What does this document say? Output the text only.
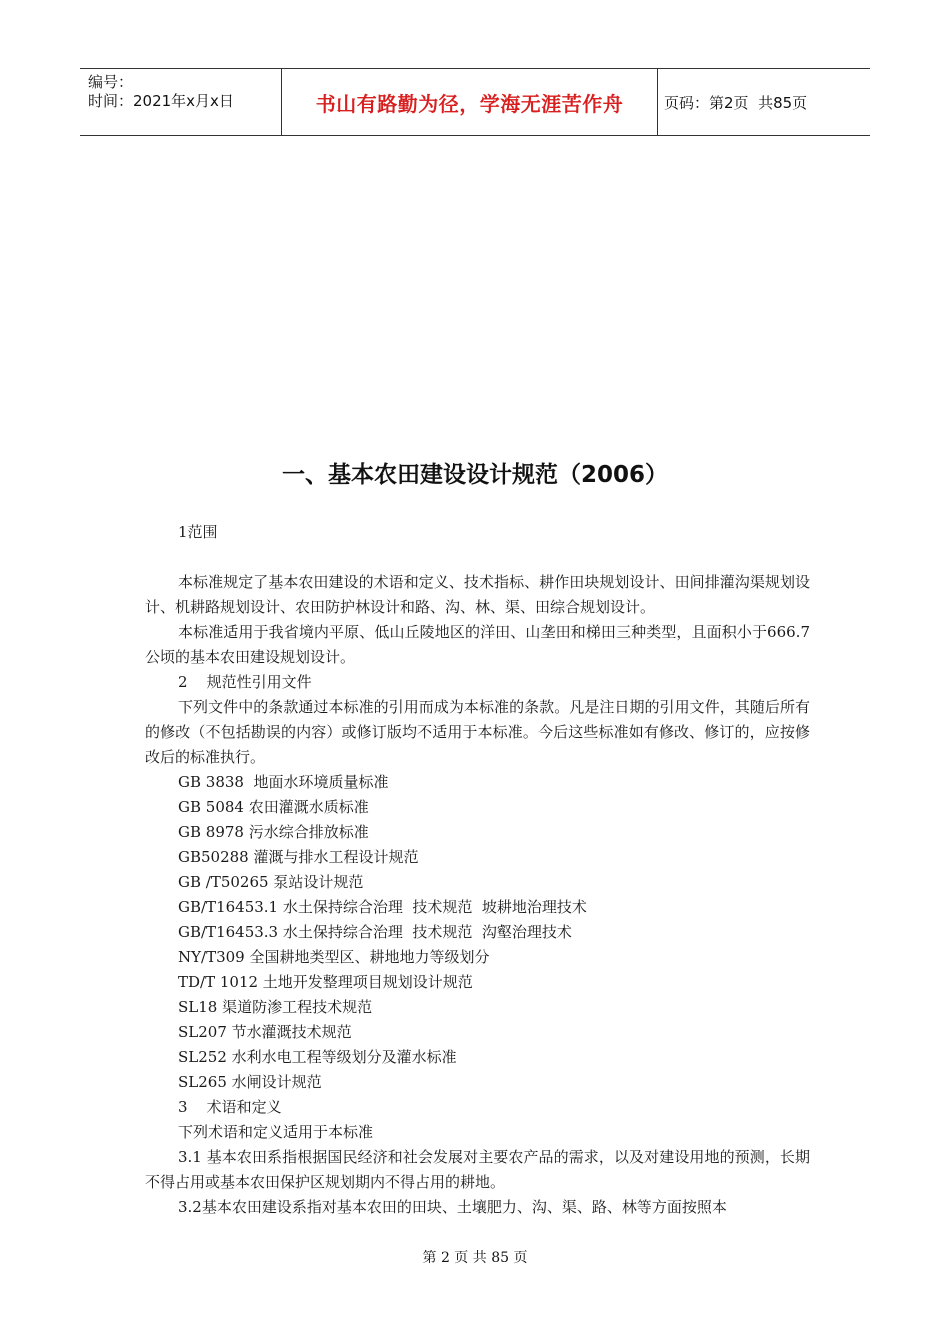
编号：
时间：2021年x月x日	书山有路勤为径，学海无涯苦作舟	页码：第2页  共85页
一、基本农田建设设计规范（2006）
1范围

本标准规定了基本农田建设的术语和定义、技术指标、耕作田块规划设计、田间排灌沟渠规划设计、机耕路规划设计、农田防护林设计和路、沟、林、渠、田综合规划设计。

本标准适用于我省境内平原、低山丘陵地区的洋田、山垄田和梯田三种类型，且面积小于666.7公顷的基本农田建设规划设计。

2    规范性引用文件

下列文件中的条款通过本标准的引用而成为本标准的条款。凡是注日期的引用文件，其随后所有的修改（不包括勘误的内容）或修订版均不适用于本标准。今后这些标准如有修改、修订的，应按修改后的标准执行。

GB 3838  地面水环境质量标准
GB 5084 农田灌溉水质标准
GB 8978 污水综合排放标准
GB50288 灌溉与排水工程设计规范
GB /T50265 泵站设计规范
GB/T16453.1 水土保持综合治理  技术规范  坡耕地治理技术
GB/T16453.3 水土保持综合治理  技术规范  沟壑治理技术
NY/T309 全国耕地类型区、耕地地力等级划分
TD/T 1012 土地开发整理项目规划设计规范
SL18 渠道防渗工程技术规范
SL207 节水灌溉技术规范
SL252 水利水电工程等级划分及灌水标准
SL265 水闸设计规范
3    术语和定义
下列术语和定义适用于本标准

3.1 基本农田系指根据国民经济和社会发展对主要农产品的需求，以及对建设用地的预测，长期不得占用或基本农田保护区规划期内不得占用的耕地。

3.2基本农田建设系指对基本农田的田块、土壤肥力、沟、渠、路、林等方面按照本

第 2 页 共 85 页
